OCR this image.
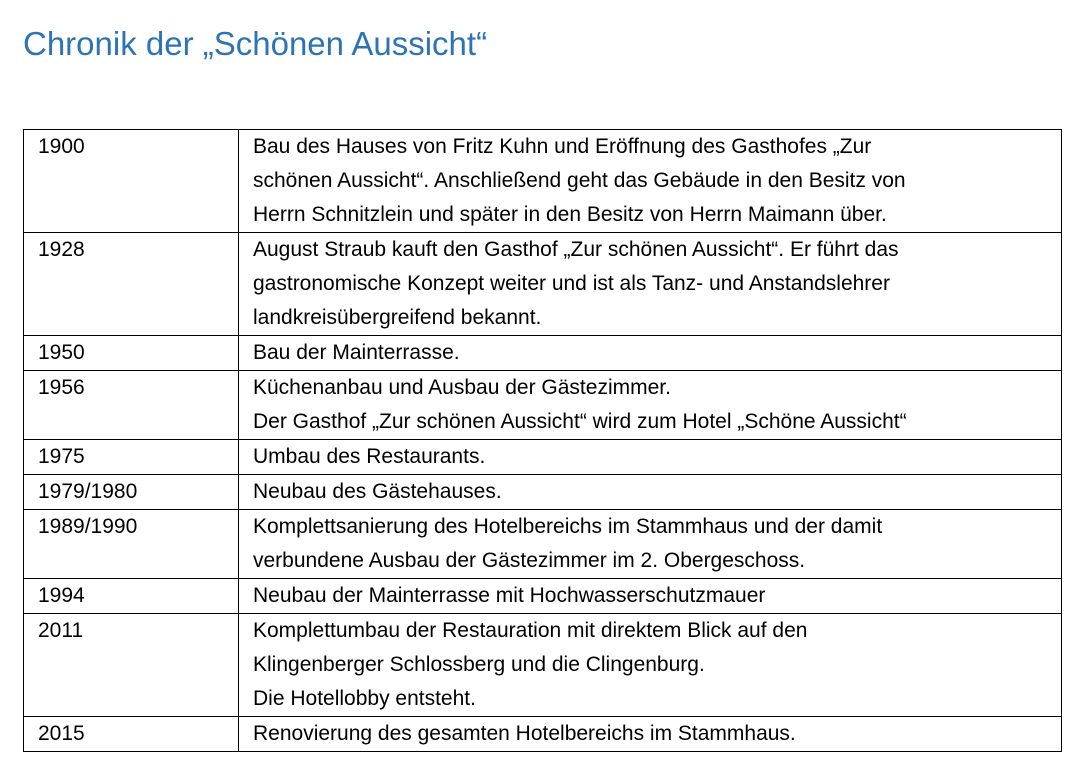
Chronik der „Schönen Aussicht“
1900	Bau des Hauses von Fritz Kuhn und Eröffnung des Gasthofes „Zur
schönen Aussicht“. Anschließend geht das Gebäude in den Besitz von
Herrn Schnitzlein und später in den Besitz von Herrn Maimann über.

1928	August Straub kauft den Gasthof „Zur schönen Aussicht“. Er führt das
gastronomische Konzept weiter und ist als Tanz- und Anstandslehrer
landkreisübergreifend bekannt.

1950	Bau der Mainterrasse.

1956	Küchenanbau und Ausbau der Gästezimmer.
Der Gasthof „Zur schönen Aussicht“ wird zum Hotel „Schöne Aussicht“

1975	Umbau des Restaurants.

1979/1980	Neubau des Gästehauses.

1989/1990	Komplettsanierung des Hotelbereichs im Stammhaus und der damit
verbundene Ausbau der Gästezimmer im 2. Obergeschoss.

1994	Neubau der Mainterrasse mit Hochwasserschutzmauer

2011	Komplettumbau der Restauration mit direktem Blick auf den
Klingenberger Schlossberg und die Clingenburg.
Die Hotellobby entsteht.

2015	Renovierung des gesamten Hotelbereichs im Stammhaus.
